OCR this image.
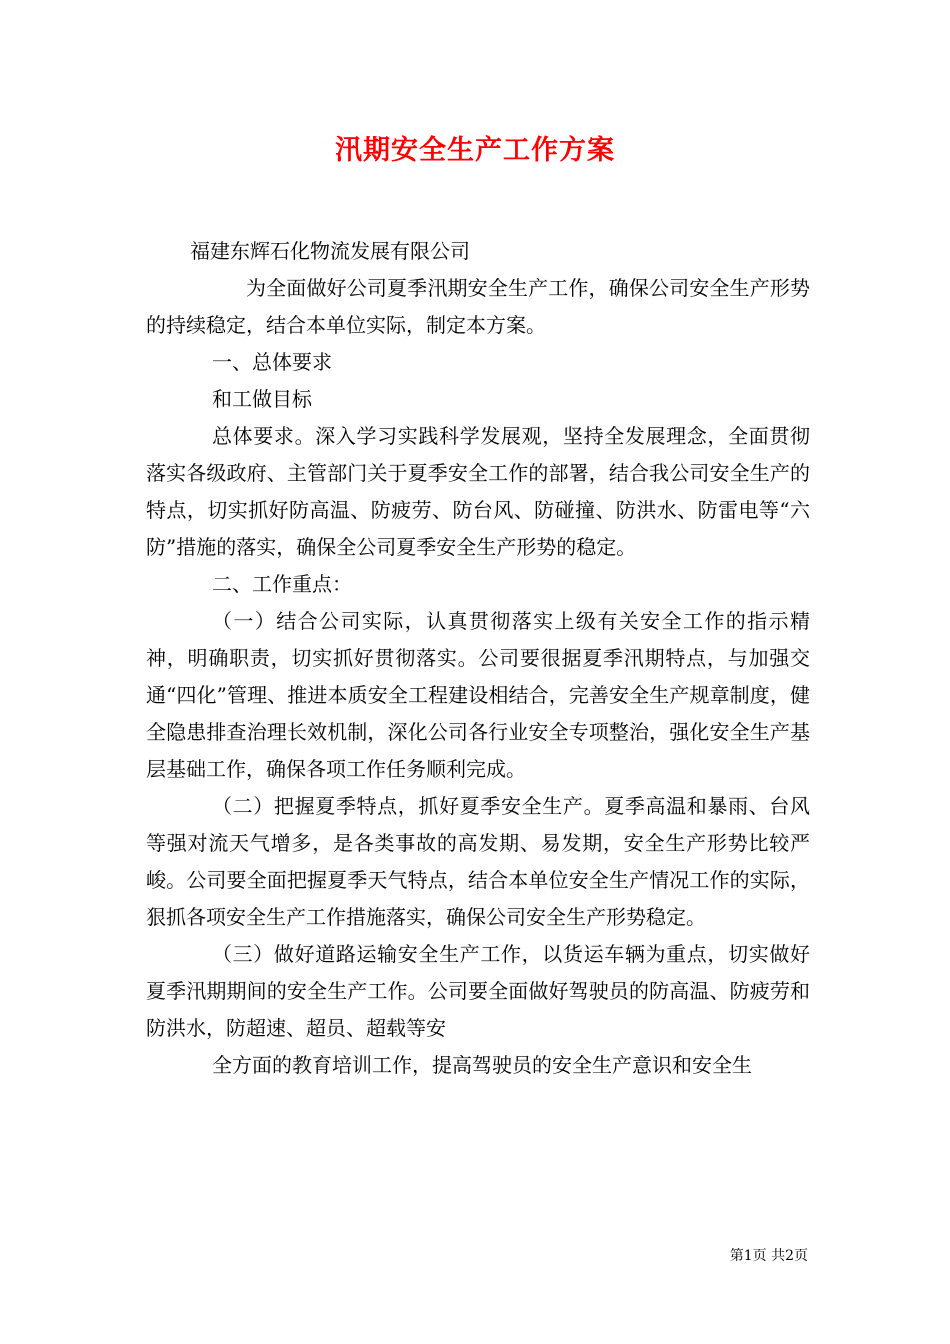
汛期安全生产工作方案

福建东辉石化物流发展有限公司

为全面做好公司夏季汛期安全生产工作，确保公司安全生产形势的持续稳定，结合本单位实际，制定本方案。

一、总体要求

和工做目标

总体要求。深入学习实践科学发展观，坚持全发展理念，全面贯彻落实各级政府、主管部门关于夏季安全工作的部署，结合我公司安全生产的特点，切实抓好防高温、防疲劳、防台风、防碰撞、防洪水、防雷电等“六防”措施的落实，确保全公司夏季安全生产形势的稳定。

二、工作重点：

（一）结合公司实际，认真贯彻落实上级有关安全工作的指示精神，明确职责，切实抓好贯彻落实。公司要很据夏季汛期特点，与加强交通“四化”管理、推进本质安全工程建设相结合，完善安全生产规章制度，健全隐患排查治理长效机制，深化公司各行业安全专项整治，强化安全生产基层基础工作，确保各项工作任务顺利完成。

（二）把握夏季特点，抓好夏季安全生产。夏季高温和暴雨、台风等强对流天气增多，是各类事故的高发期、易发期，安全生产形势比较严峻。公司要全面把握夏季天气特点，结合本单位安全生产情况工作的实际，狠抓各项安全生产工作措施落实，确保公司安全生产形势稳定。

（三）做好道路运输安全生产工作，以货运车辆为重点，切实做好夏季汛期期间的安全生产工作。公司要全面做好驾驶员的防高温、防疲劳和防洪水，防超速、超员、超载等安

全方面的教育培训工作，提高驾驶员的安全生产意识和安全生

第1页 共2页
